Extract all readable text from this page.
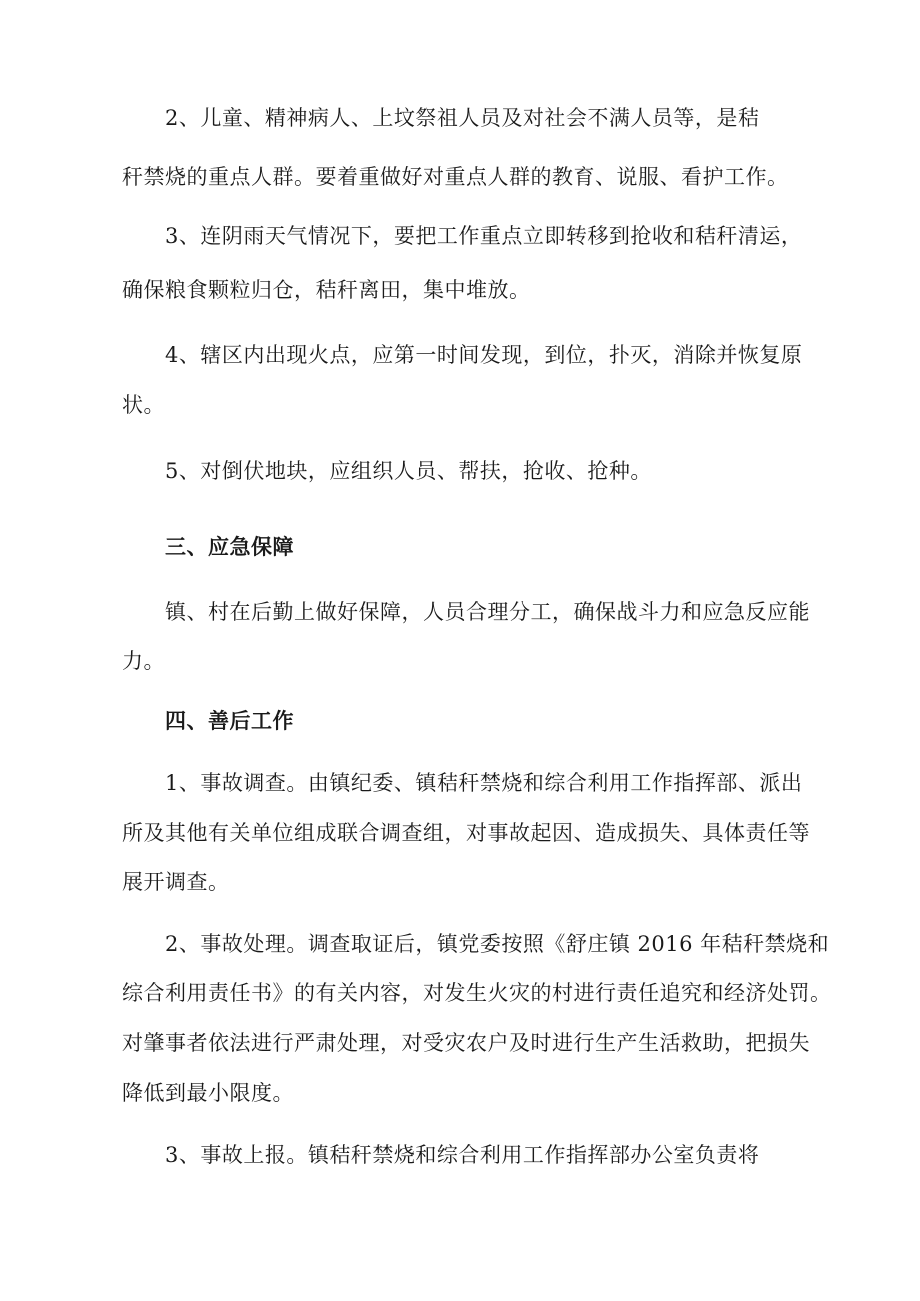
2、儿童、精神病人、上坟祭祖人员及对社会不满人员等，是秸
秆禁烧的重点人群。要着重做好对重点人群的教育、说服、看护工作。
3、连阴雨天气情况下，要把工作重点立即转移到抢收和秸秆清运，
确保粮食颗粒归仓，秸秆离田，集中堆放。
4、辖区内出现火点，应第一时间发现，到位，扑灭，消除并恢复原
状。
5、对倒伏地块，应组织人员、帮扶，抢收、抢种。
三、应急保障
镇、村在后勤上做好保障，人员合理分工，确保战斗力和应急反应能
力。
四、善后工作
1、事故调查。由镇纪委、镇秸秆禁烧和综合利用工作指挥部、派出
所及其他有关单位组成联合调查组，对事故起因、造成损失、具体责任等
展开调查。
2、事故处理。调查取证后，镇党委按照《舒庄镇 2016 年秸秆禁烧和
综合利用责任书》的有关内容，对发生火灾的村进行责任追究和经济处罚。
对肇事者依法进行严肃处理，对受灾农户及时进行生产生活救助，把损失
降低到最小限度。
3、事故上报。镇秸秆禁烧和综合利用工作指挥部办公室负责将
